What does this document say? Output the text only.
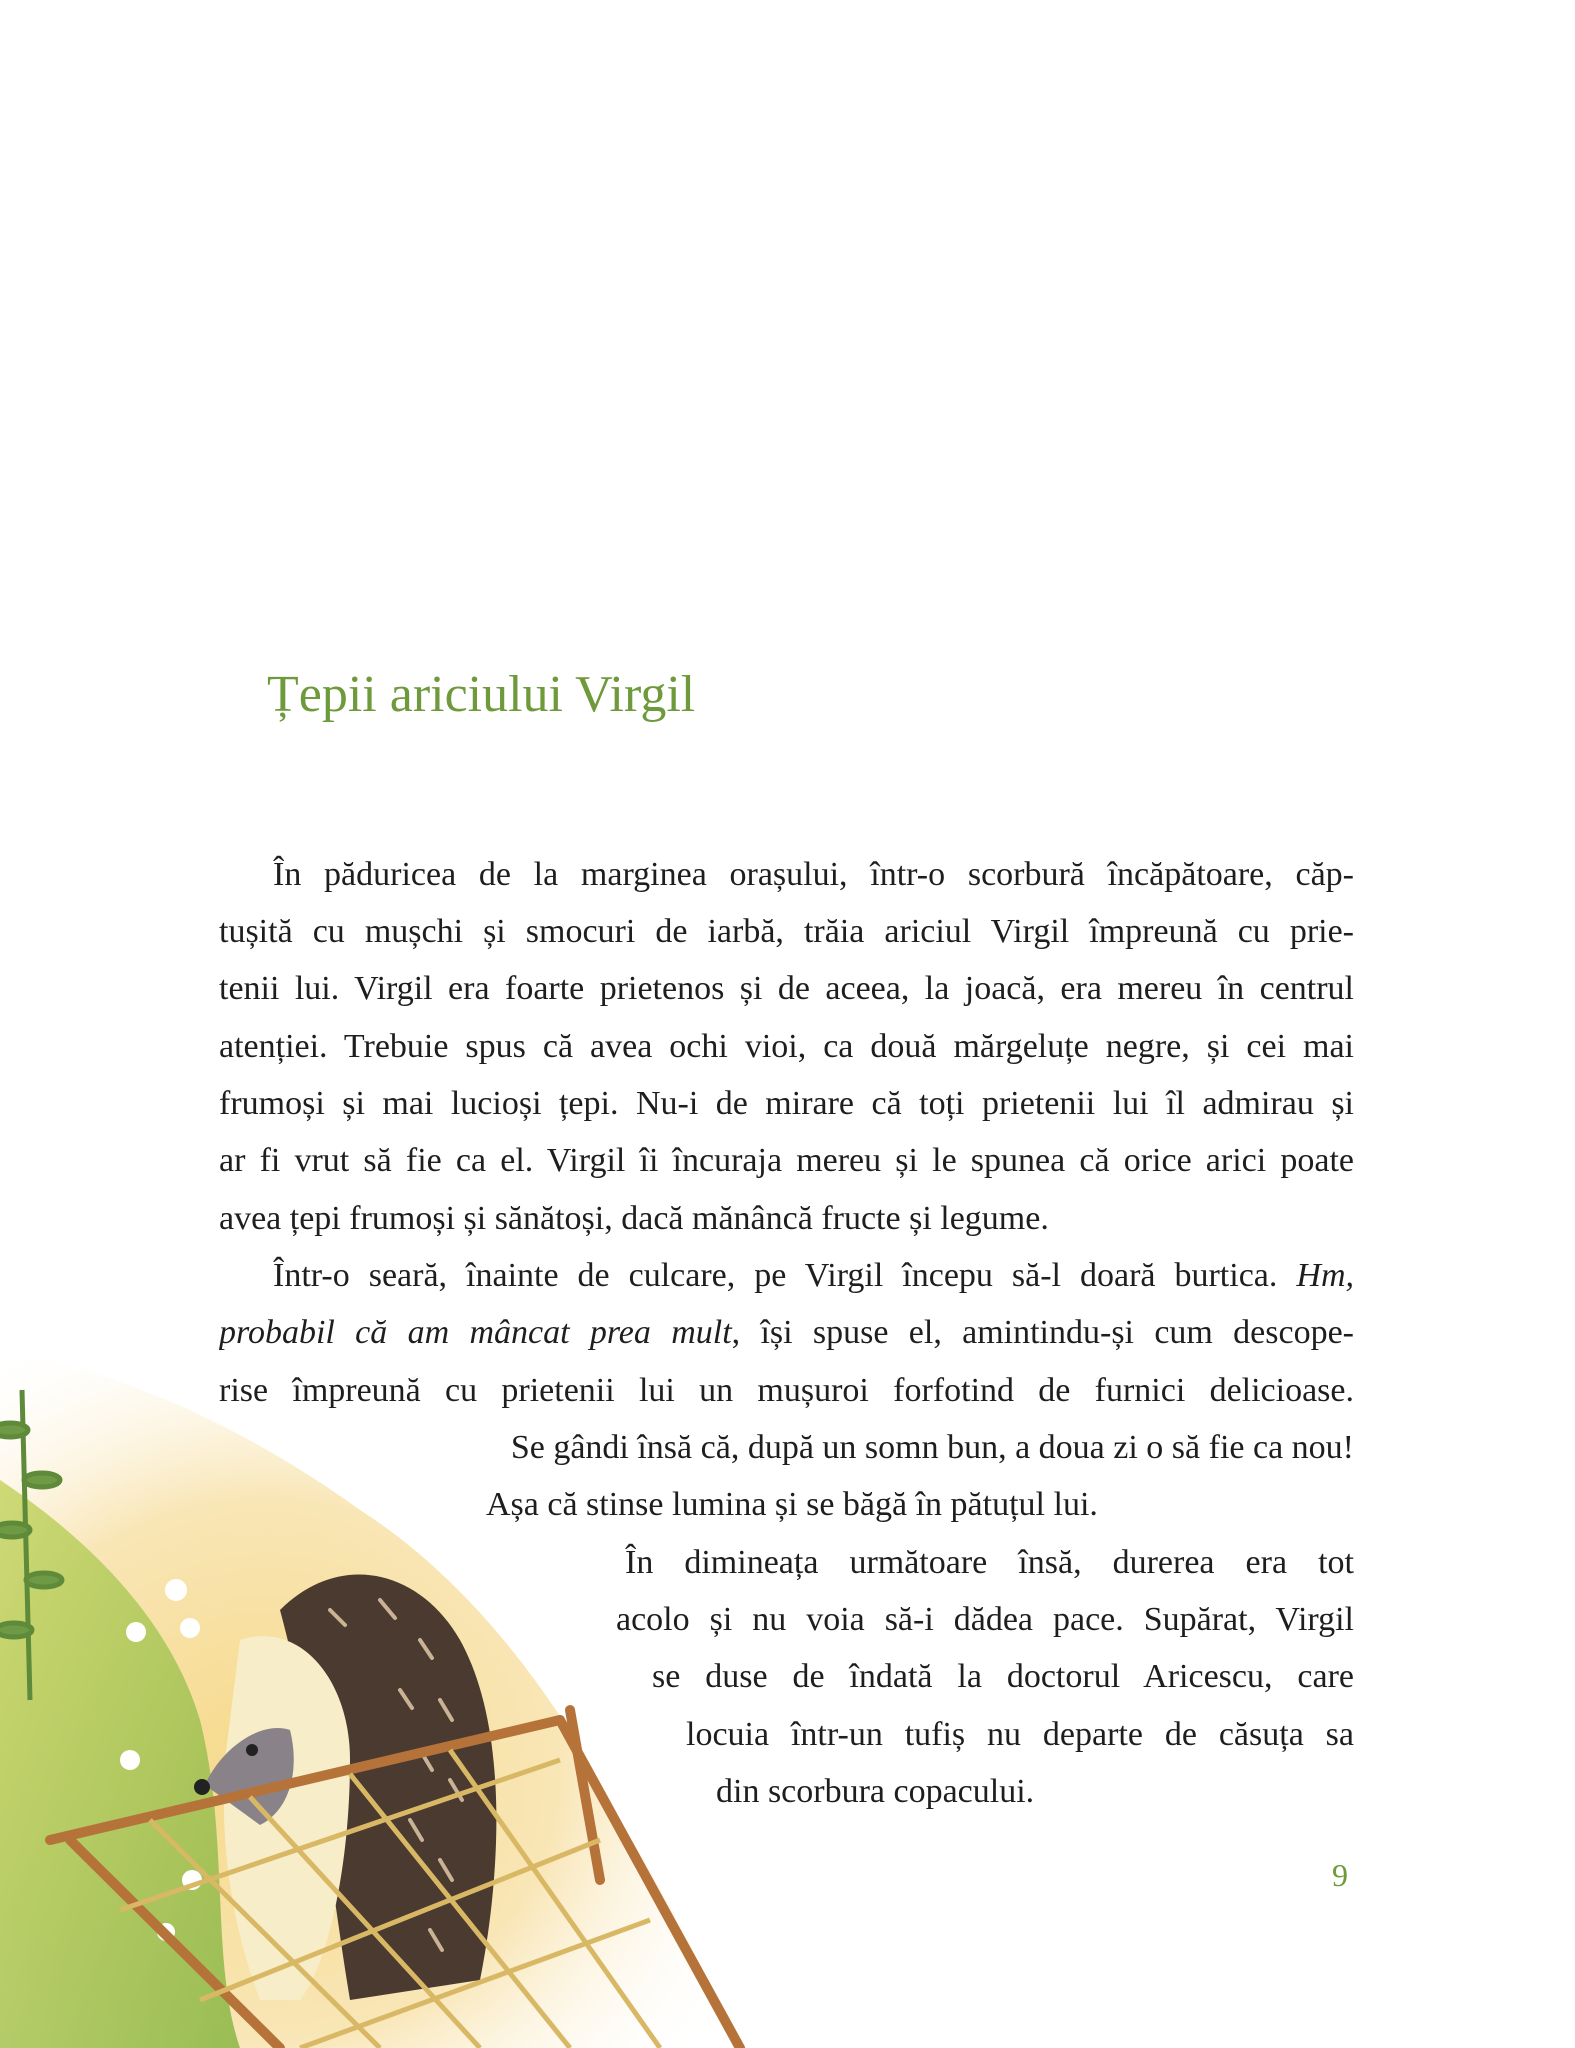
Țepii ariciului Virgil
În păduricea de la marginea orașului, într-o scorbură încăpătoare, căp-
tușită cu mușchi și smocuri de iarbă, trăia ariciul Virgil împreună cu prie-
tenii lui. Virgil era foarte prietenos și de aceea, la joacă, era mereu în centrul
atenției. Trebuie spus că avea ochi vioi, ca două mărgeluțe negre, și cei mai
frumoși și mai lucioși țepi. Nu-i de mirare că toți prietenii lui îl admirau și
ar fi vrut să fie ca el. Virgil îi încuraja mereu și le spunea că orice arici poate
avea țepi frumoși și sănătoși, dacă mănâncă fructe și legume.
Într-o seară, înainte de culcare, pe Virgil începu să-l doară burtica. Hm,
probabil că am mâncat prea mult, își spuse el, amintindu-și cum descope-
rise împreună cu prietenii lui un mușuroi forfotind de furnici delicioase.
Se gândi însă că, după un somn bun, a doua zi o să fie ca nou!
Așa că stinse lumina și se băgă în pătuțul lui.
În dimineața următoare însă, durerea era tot
acolo și nu voia să-i dădea pace. Supărat, Virgil
se duse de îndată la doctorul Aricescu, care
locuia într-un tufiș nu departe de căsuța sa
din scorbura copacului.
9
